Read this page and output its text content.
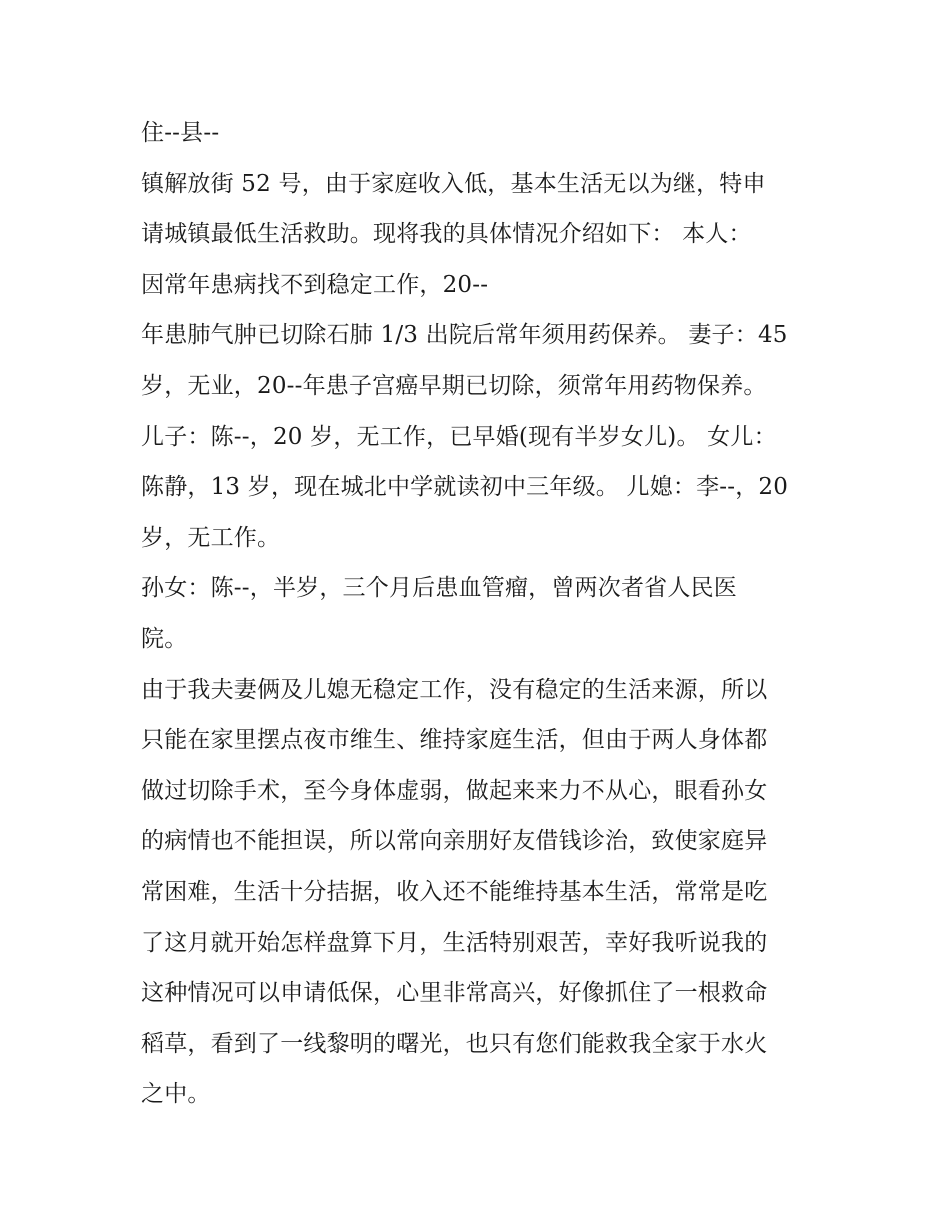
住--县--
镇解放街 52 号，由于家庭收入低，基本生活无以为继，特申
请城镇最低生活救助。现将我的具体情况介绍如下： 本人：
因常年患病找不到稳定工作，20--
年患肺气肿已切除石肺 1/3 出院后常年须用药保养。 妻子：45
岁，无业，20--年患子宫癌早期已切除，须常年用药物保养。
儿子：陈--，20 岁，无工作，已早婚(现有半岁女儿)。 女儿：
陈静，13 岁，现在城北中学就读初中三年级。 儿媳：李--，20
岁，无工作。
孙女：陈--，半岁，三个月后患血管瘤，曾两次者省人民医
院。
由于我夫妻俩及儿媳无稳定工作，没有稳定的生活来源，所以
只能在家里摆点夜市维生、维持家庭生活，但由于两人身体都
做过切除手术，至今身体虚弱，做起来来力不从心，眼看孙女
的病情也不能担误，所以常向亲朋好友借钱诊治，致使家庭异
常困难，生活十分拮据，收入还不能维持基本生活，常常是吃
了这月就开始怎样盘算下月，生活特别艰苦，幸好我听说我的
这种情况可以申请低保，心里非常高兴，好像抓住了一根救命
稻草，看到了一线黎明的曙光，也只有您们能救我全家于水火
之中。
